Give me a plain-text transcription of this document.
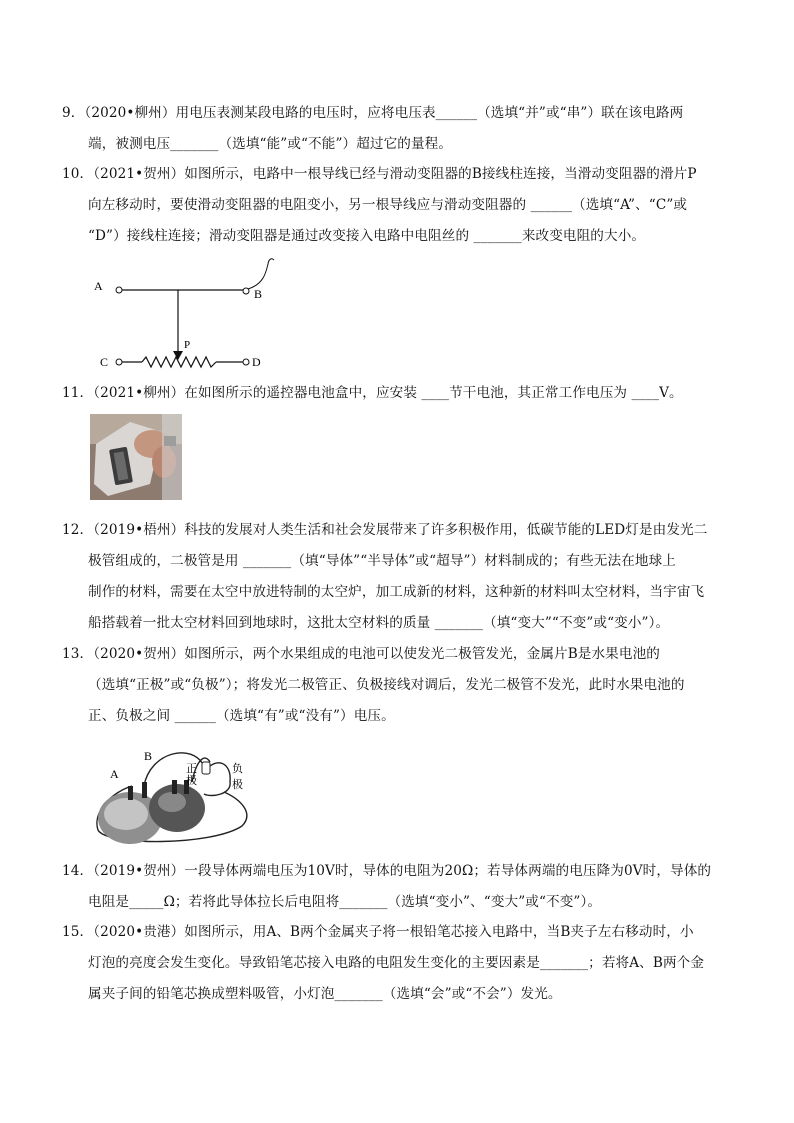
9．（2020•柳州）用电压表测某段电路的电压时，应将电压表______（选填“并”或“串”）联在该电路两
端，被测电压_______（选填“能”或“不能”）超过它的量程。
10．（2021•贺州）如图所示，电路中一根导线已经与滑动变阻器的B接线柱连接，当滑动变阻器的滑片P
向左移动时，要使滑动变阻器的电阻变小，另一根导线应与滑动变阻器的 ______（选填“A”、“C”或
“D”）接线柱连接；滑动变阻器是通过改变接入电路中电阻丝的 _______来改变电阻的大小。
A
B
P
C	D
11．（2021•柳州）在如图所示的遥控器电池盒中，应安装 ____节干电池，其正常工作电压为 ____V。
12．（2019•梧州）科技的发展对人类生活和社会发展带来了许多积极作用，低碳节能的LED灯是由发光二
极管组成的，二极管是用 _______（填“导体”“半导体”或“超导”）材料制成的；有些无法在地球上
制作的材料，需要在太空中放进特制的太空炉，加工成新的材料，这种新的材料叫太空材料，当宇宙飞
船搭载着一批太空材料回到地球时，这批太空材料的质量 _______（填“变大”“不变”或“变小”）。
13．（2020•贺州）如图所示，两个水果组成的电池可以使发光二极管发光，金属片B是水果电池的
（选填“正极”或“负极”）；将发光二极管正、负极接线对调后，发光二极管不发光，此时水果电池的
正、负极之间 ______（选填“有”或“没有”）电压。
A
B
正
极
负
极
14．（2019•贺州）一段导体两端电压为10V时，导体的电阻为20Ω；若导体两端的电压降为0V时，导体的
电阻是_____Ω；若将此导体拉长后电阻将_______（选填“变小”、“变大”或“不变”）。
15．（2020•贵港）如图所示，用A、B两个金属夹子将一根铅笔芯接入电路中，当B夹子左右移动时，小
灯泡的亮度会发生变化。导致铅笔芯接入电路的电阻发生变化的主要因素是_______；若将A、B两个金
属夹子间的铅笔芯换成塑料吸管，小灯泡_______（选填“会”或“不会”）发光。
